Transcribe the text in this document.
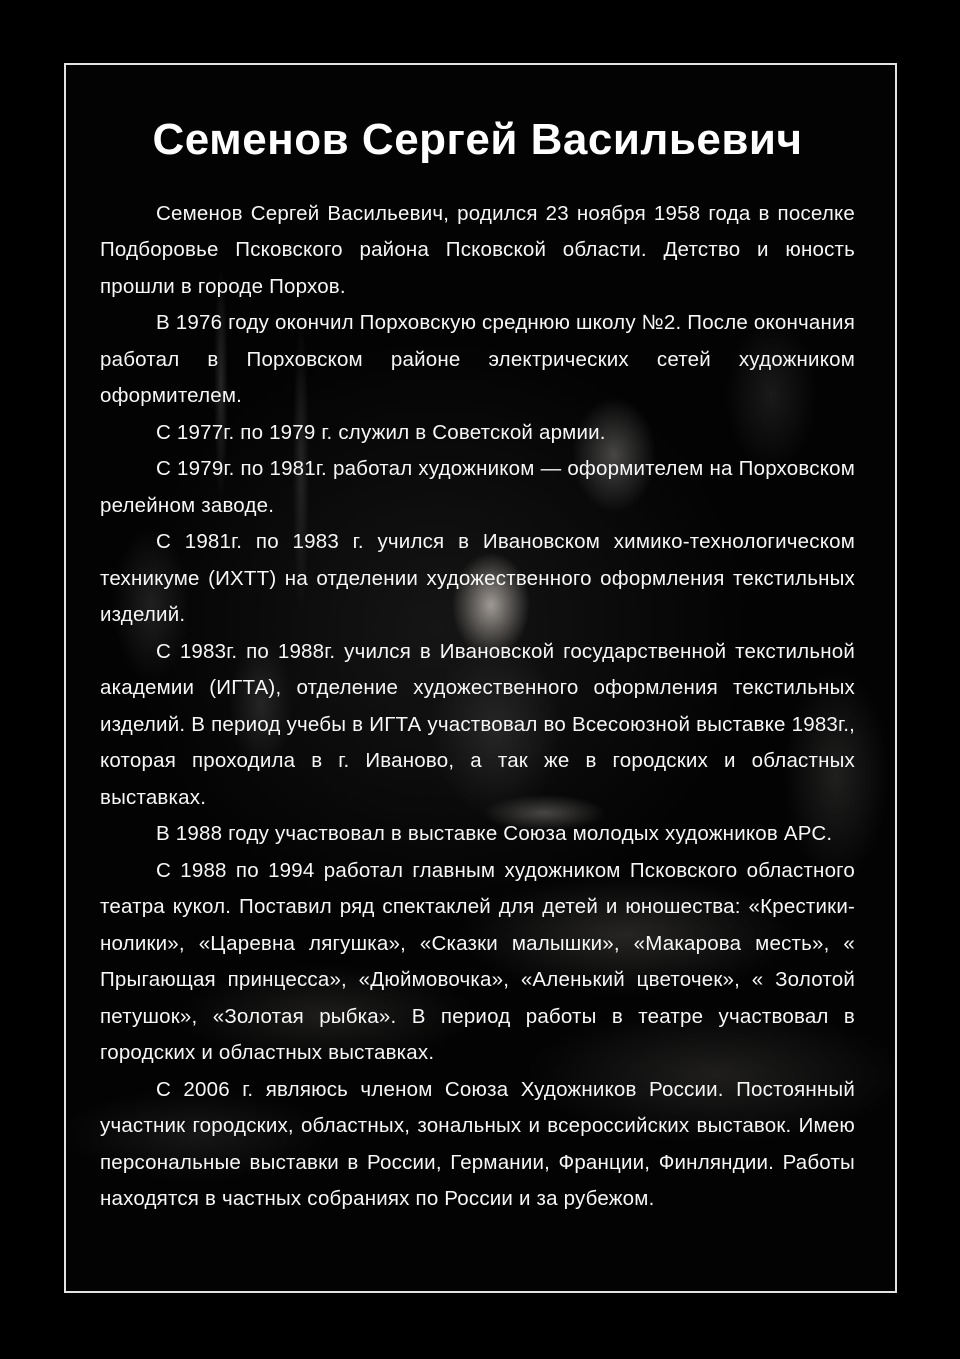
Семенов Сергей Васильевич

Семенов Сергей Васильевич, родился 23 ноября 1958 года в поселке Подборовье Псковского района Псковской области. Детство и юность прошли в городе Порхов.

В 1976 году окончил Порховскую среднюю школу №2. После окончания работал в Порховском районе электрических сетей художником оформителем.

С 1977г. по 1979 г. служил в Советской армии.

С 1979г. по 1981г. работал художником — оформителем на Порховском релейном заводе.

С 1981г. по 1983 г. учился в Ивановском химико-технологическом техникуме (ИХТТ) на отделении художественного оформления текстильных изделий.

С 1983г. по 1988г. учился в Ивановской государственной текстильной академии (ИГТА), отделение художественного оформления текстильных изделий. В период учебы в ИГТА участвовал во Всесоюзной выставке 1983г., которая проходила в г. Иваново, а так же в городских и областных выставках.

В 1988 году участвовал в выставке Союза молодых художников АРС.

С 1988 по 1994 работал главным художником Псковского областного театра кукол. Поставил ряд спектаклей для детей и юношества: «Крестики-нолики», «Царевна лягушка», «Сказки малышки», «Макарова месть», « Прыгающая принцесса», «Дюймовочка», «Аленький цветочек», « Золотой петушок», «Золотая рыбка». В период работы в театре участвовал в городских и областных выставках.

С 2006 г. являюсь членом Союза Художников России. Постоянный участник городских, областных, зональных и всероссийских выставок. Имею персональные выставки в России, Германии, Франции, Финляндии. Работы находятся в частных собраниях по России и за рубежом.
